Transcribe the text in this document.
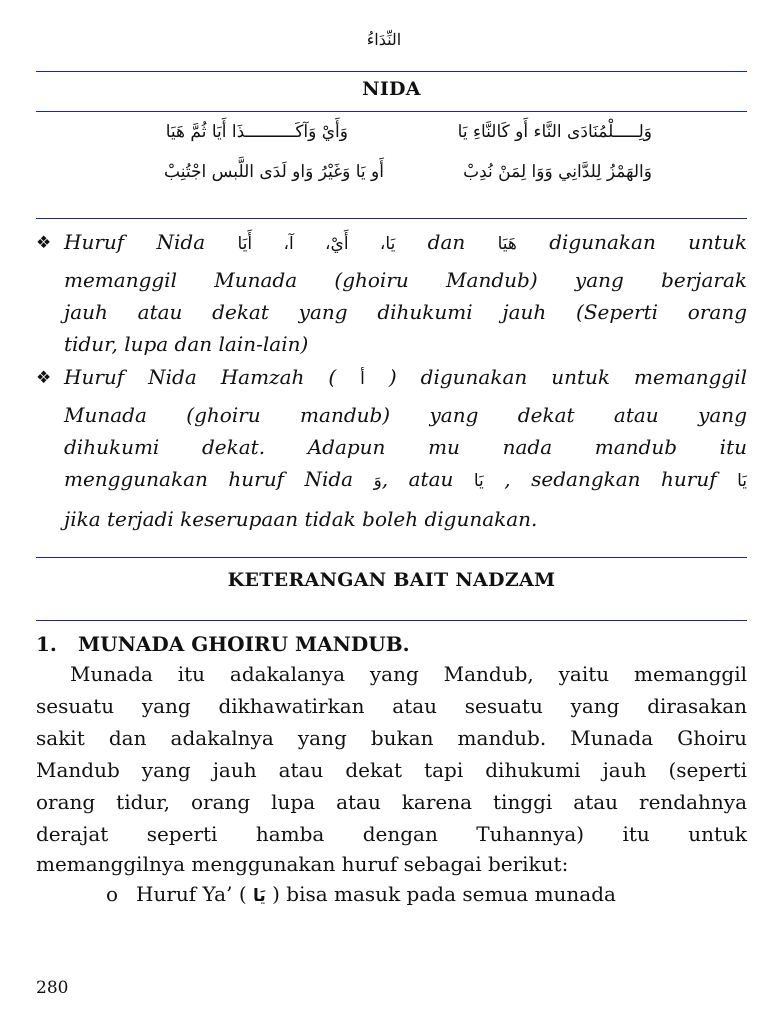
النِّدَاءُ
NIDA
وَلِـــــلْمُنَادَى النَّاء أَو كَالنَّاءِ يَا
وَأَيْ وَآكَــــــــــذَا أَيَا ثُمَّ هَيَا
وَالهَمْزُ لِلدَّانِي وَوَا لِمَنْ نُدِبْ
أَو يَا وَغَيْرُ وَاو لَدَى اللَّبس اجْتُنِبْ
❖ Huruf Nida يَا، أَيْ، آ، أَيَا dan هَيَا digunakan untuk
memanggil Munada (ghoiru Mandub) yang berjarak
jauh atau dekat yang dihukumi jauh (Seperti orang
tidur, lupa dan lain-lain)
❖ Huruf Nida Hamzah ( أ ) digunakan untuk memanggil
Munada (ghoiru mandub) yang dekat atau yang
dihukumi dekat. Adapun mu nada mandub itu
menggunakan huruf Nida وَ, atau يَا , sedangkan huruf يَا
jika terjadi keserupaan tidak boleh digunakan.
KETERANGAN BAIT NADZAM
1. MUNADA GHOIRU MANDUB.
Munada itu adakalanya yang Mandub, yaitu memanggil
sesuatu yang dikhawatirkan atau sesuatu yang dirasakan
sakit dan adakalnya yang bukan mandub. Munada Ghoiru
Mandub yang jauh atau dekat tapi dihukumi jauh (seperti
orang tidur, orang lupa atau karena tinggi atau rendahnya
derajat seperti hamba dengan Tuhannya) itu untuk
memanggilnya menggunakan huruf sebagai berikut:
o Huruf Ya’ ( يَا ) bisa masuk pada semua munada
280
